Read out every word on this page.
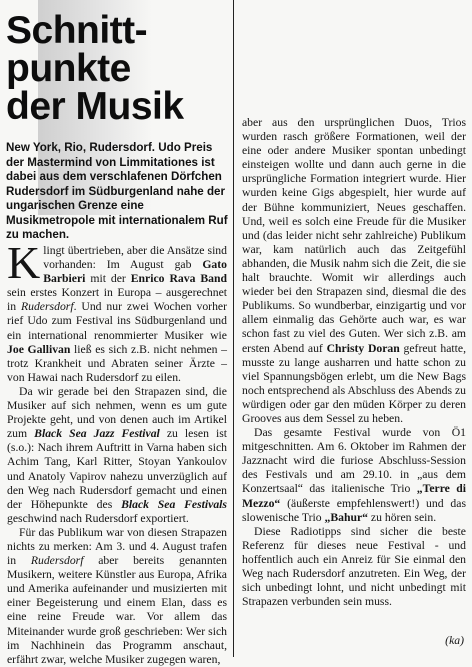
Schnitt-
punkte
der Musik
New York, Rio, Rudersdorf. Udo Preis der Mastermind von Limmitationes ist dabei aus dem verschlafenen Dörfchen Rudersdorf im Südburgenland nahe der ungarischen Grenze eine Musikmetropole mit internationalem Ruf zu machen.

Klingt übertrieben, aber die Ansätze sind vorhanden: Im August gab Gato Barbieri mit der Enrico Rava Band sein erstes Konzert in Europa – ausgerechnet in Rudersdorf. Und nur zwei Wochen vorher rief Udo zum Festival ins Südburgenland und ein international renommierter Musiker wie Joe Gallivan ließ es sich z.B. nicht nehmen – trotz Krankheit und Abraten seiner Ärzte – von Hawai nach Rudersdorf zu eilen.

Da wir gerade bei den Strapazen sind, die Musiker auf sich nehmen, wenn es um gute Projekte geht, und von denen auch im Artikel zum Black Sea Jazz Festival zu lesen ist (s.o.): Nach ihrem Auftritt in Varna haben sich Achim Tang, Karl Ritter, Stoyan Yankoulov und Anatoly Vapirov nahezu unverzüglich auf den Weg nach Rudersdorf gemacht und einen der Höhepunkte des Black Sea Festivals geschwind nach Rudersdorf exportiert.

Für das Publikum war von diesen Strapazen nichts zu merken: Am 3. und 4. August trafen in Rudersdorf aber bereits genannten Musikern, weitere Künstler aus Europa, Afrika und Amerika aufeinander und musizierten mit einer Begeisterung und einem Elan, dass es eine reine Freude war. Vor allem das Miteinander wurde groß geschrieben: Wer sich im Nachhinein das Programm anschaut, erfährt zwar, welche Musiker zugegen waren,

aber aus den ursprünglichen Duos, Trios wurden rasch größere Formationen, weil der eine oder andere Musiker spontan unbedingt einsteigen wollte und dann auch gerne in die ursprüngliche Formation integriert wurde. Hier wurden keine Gigs abgespielt, hier wurde auf der Bühne kommuniziert, Neues geschaffen. Und, weil es solch eine Freude für die Musiker und (das leider nicht sehr zahlreiche) Publikum war, kam natürlich auch das Zeitgefühl abhanden, die Musik nahm sich die Zeit, die sie halt brauchte. Womit wir allerdings auch wieder bei den Strapazen sind, diesmal die des Publikums. So wundberbar, einzigartig und vor allem einmalig das Gehörte auch war, es war schon fast zu viel des Guten. Wer sich z.B. am ersten Abend auf Christy Doran gefreut hatte, musste zu lange ausharren und hatte schon zu viel Spannungsbögen erlebt, um die New Bags noch entsprechend als Abschluss des Abends zu würdigen oder gar den müden Körper zu deren Grooves aus dem Sessel zu heben.

Das gesamte Festival wurde von Ö1 mitgeschnitten. Am 6. Oktober im Rahmen der Jazznacht wird die furiose Abschluss-Session des Festivals und am 29.10. in „aus dem Konzertsaal“ das italienische Trio „Terre di Mezzo“ (äußerste empfehlenswert!) und das slowenische Trio „Bahur“ zu hören sein.

Diese Radiotipps sind sicher die beste Referenz für dieses neue Festival - und hoffentlich auch ein Anreiz für Sie einmal den Weg nach Rudersdorf anzutreten. Ein Weg, der sich unbedingt lohnt, und nicht unbedingt mit Strapazen verbunden sein muss.

(ka)
